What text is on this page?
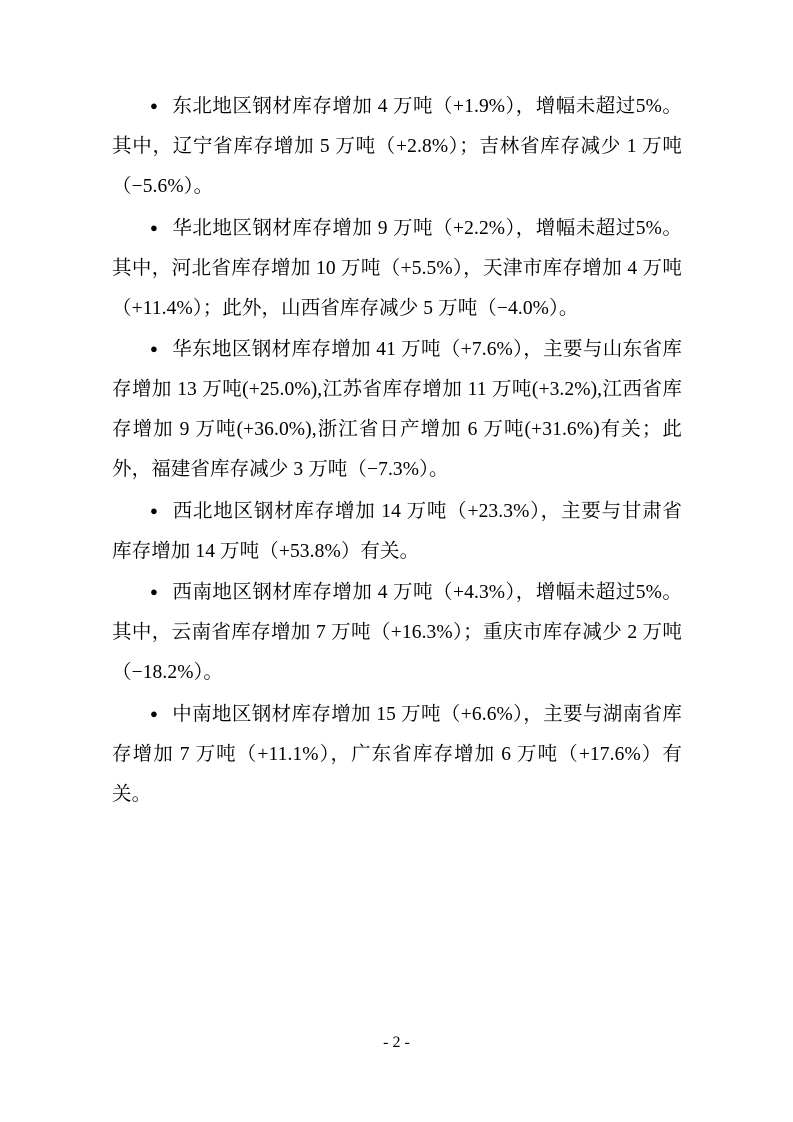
● 东北地区钢材库存增加 4 万吨（+1.9%），增幅未超过5%。其中，辽宁省库存增加 5 万吨（+2.8%）；吉林省库存减少 1 万吨（−5.6%）。

● 华北地区钢材库存增加 9 万吨（+2.2%），增幅未超过5%。其中，河北省库存增加 10 万吨（+5.5%），天津市库存增加 4 万吨（+11.4%）；此外，山西省库存减少 5 万吨（−4.0%）。

● 华东地区钢材库存增加 41 万吨（+7.6%），主要与山东省库存增加 13 万吨(+25.0%),江苏省库存增加 11 万吨(+3.2%),江西省库存增加 9 万吨(+36.0%),浙江省日产增加 6 万吨(+31.6%)有关；此外，福建省库存减少 3 万吨（−7.3%）。

● 西北地区钢材库存增加 14 万吨（+23.3%），主要与甘肃省库存增加 14 万吨（+53.8%）有关。

● 西南地区钢材库存增加 4 万吨（+4.3%），增幅未超过5%。其中，云南省库存增加 7 万吨（+16.3%）；重庆市库存减少 2 万吨（−18.2%）。

● 中南地区钢材库存增加 15 万吨（+6.6%），主要与湖南省库存增加 7 万吨（+11.1%），广东省库存增加 6 万吨（+17.6%）有关。

- 2 -
